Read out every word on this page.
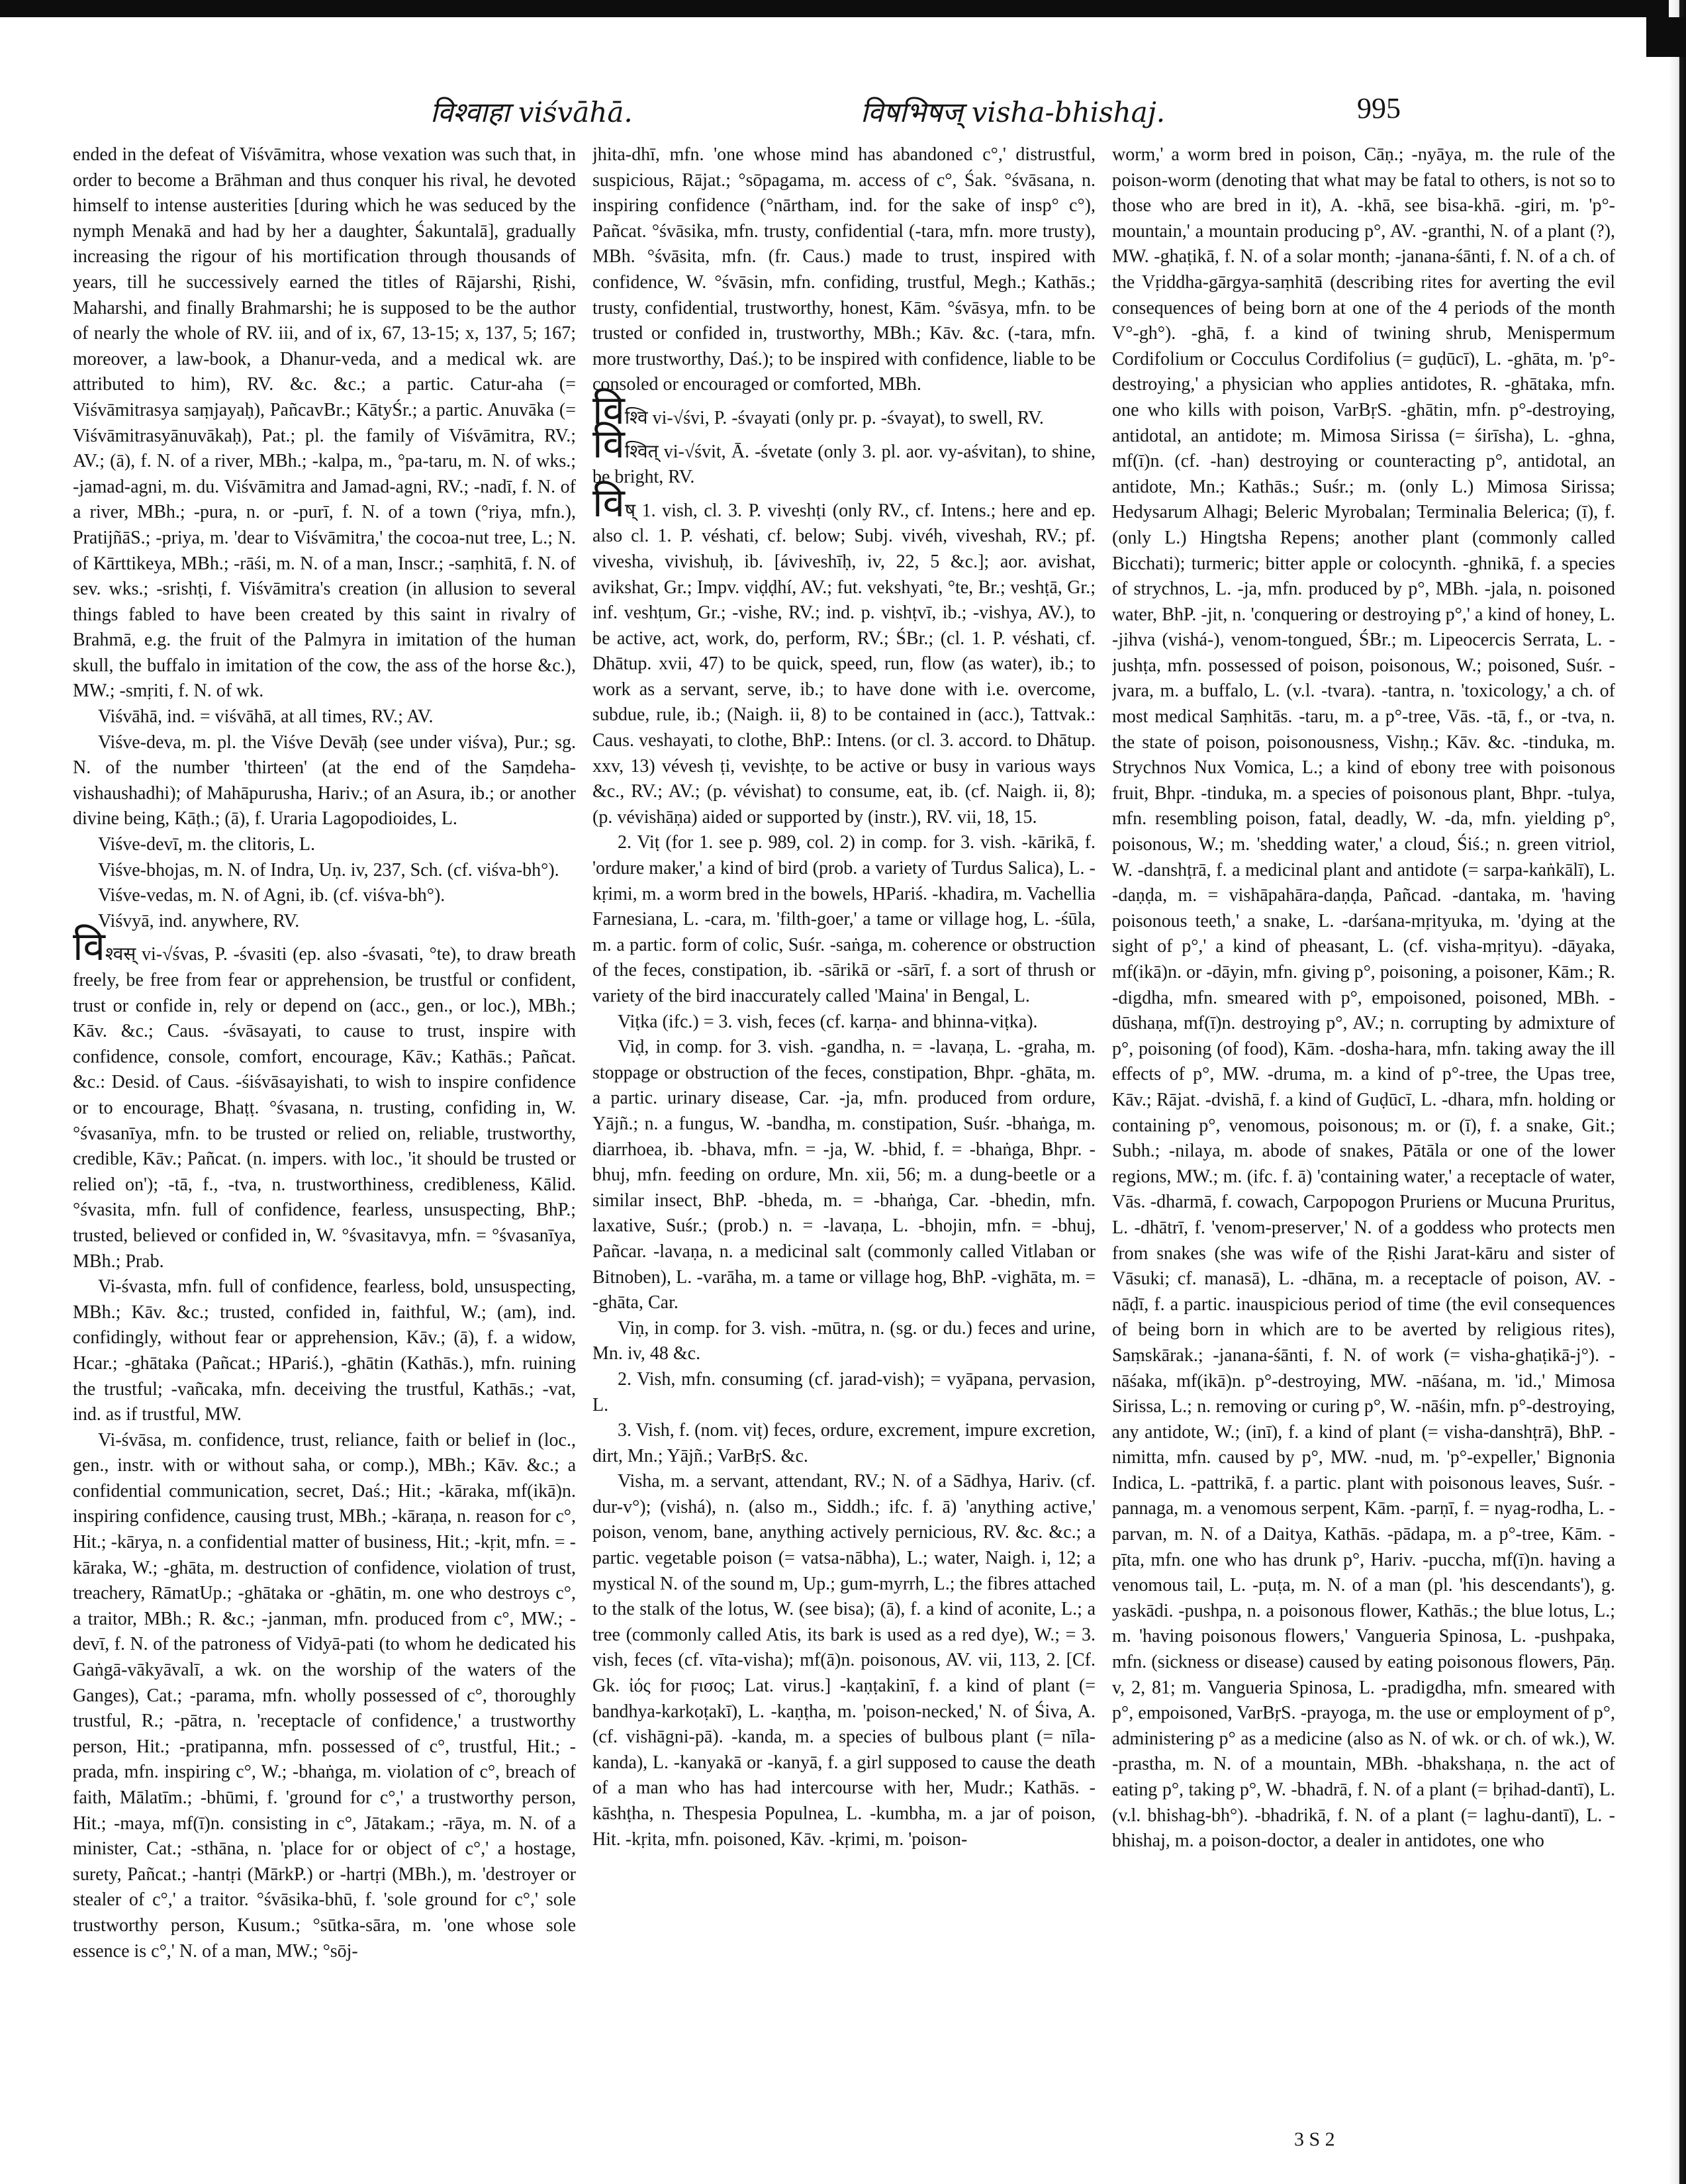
विश्वाहा viśvāhā.	विषभिषज् visha-bhishaj.	995

ended in the defeat of Viśvāmitra, whose vexation was such that, in order to become a Brāhman and thus conquer his rival, he devoted himself to intense austerities [during which he was seduced by the nymph Menakā and had by her a daughter, Śakuntalā], gradually increasing the rigour of his mortification through thousands of years, till he successively earned the titles of Rājarshi, Ṛishi, Maharshi, and finally Brahmarshi; he is supposed to be the author of nearly the whole of RV. iii, and of ix, 67, 13-15; x, 137, 5; 167; moreover, a law-book, a Dhanur-veda, and a medical wk. are attributed to him), RV. &c. &c.; a partic. Catur-aha (= Viśvāmitrasya saṃjayaḥ), PañcavBr.; KātyŚr.; a partic. Anuvāka (= Viśvāmitrasyānuvākaḥ), Pat.; pl. the family of Viśvāmitra, RV.; AV.; (ā), f. N. of a river, MBh.; -kalpa, m., °pa-taru, m. N. of wks.; -jamad-agni, m. du. Viśvāmitra and Jamad-agni, RV.; -nadī, f. N. of a river, MBh.; -pura, n. or -purī, f. N. of a town (°riya, mfn.), PratijñāS.; -priya, m. 'dear to Viśvāmitra,' the cocoa-nut tree, L.; N. of Kārttikeya, MBh.; -rāśi, m. N. of a man, Inscr.; -saṃhitā, f. N. of sev. wks.; -srishṭi, f. Viśvāmitra's creation (in allusion to several things fabled to have been created by this saint in rivalry of Brahmā, e.g. the fruit of the Palmyra in imitation of the human skull, the buffalo in imitation of the cow, the ass of the horse &c.), MW.; -smṛiti, f. N. of wk.

Viśvāhā, ind. = viśvāhā, at all times, RV.; AV.

Viśve-deva, m. pl. the Viśve Devāḥ (see under viśva), Pur.; sg. N. of the number 'thirteen' (at the end of the Saṃdeha-vishaushadhi); of Mahāpurusha, Hariv.; of an Asura, ib.; or another divine being, Kāṭh.; (ā), f. Uraria Lagopodioides, L.

Viśve-devī, m. the clitoris, L.

Viśve-bhojas, m. N. of Indra, Uṇ. iv, 237, Sch. (cf. viśva-bh°).

Viśve-vedas, m. N. of Agni, ib. (cf. viśva-bh°).

Viśvyā, ind. anywhere, RV.

विश्वस् vi-√śvas, P. -śvasiti (ep. also -śvasati, °te), to draw breath freely, be free from fear or apprehension, be trustful or confident, trust or confide in, rely or depend on (acc., gen., or loc.), MBh.; Kāv. &c.; Caus. -śvāsayati, to cause to trust, inspire with confidence, console, comfort, encourage, Kāv.; Kathās.; Pañcat. &c.: Desid. of Caus. -śiśvāsayishati, to wish to inspire confidence or to encourage, Bhaṭṭ. °śvasana, n. trusting, confiding in, W. °śvasanīya, mfn. to be trusted or relied on, reliable, trustworthy, credible, Kāv.; Pañcat. (n. impers. with loc., 'it should be trusted or relied on'); -tā, f., -tva, n. trustworthiness, credibleness, Kālid. °śvasita, mfn. full of confidence, fearless, unsuspecting, BhP.; trusted, believed or confided in, W. °śvasitavya, mfn. = °śvasanīya, MBh.; Prab.

Vi-śvasta, mfn. full of confidence, fearless, bold, unsuspecting, MBh.; Kāv. &c.; trusted, confided in, faithful, W.; (am), ind. confidingly, without fear or apprehension, Kāv.; (ā), f. a widow, Hcar.; -ghātaka (Pañcat.; HPariś.), -ghātin (Kathās.), mfn. ruining the trustful; -vañcaka, mfn. deceiving the trustful, Kathās.; -vat, ind. as if trustful, MW.

Vi-śvāsa, m. confidence, trust, reliance, faith or belief in (loc., gen., instr. with or without saha, or comp.), MBh.; Kāv. &c.; a confidential communication, secret, Daś.; Hit.; -kāraka, mf(ikā)n. inspiring confidence, causing trust, MBh.; -kāraṇa, n. reason for c°, Hit.; -kārya, n. a confidential matter of business, Hit.; -kṛit, mfn. = -kāraka, W.; -ghāta, m. destruction of confidence, violation of trust, treachery, RāmatUp.; -ghātaka or -ghātin, m. one who destroys c°, a traitor, MBh.; R. &c.; -janman, mfn. produced from c°, MW.; -devī, f. N. of the patroness of Vidyā-pati (to whom he dedicated his Gaṅgā-vākyāvalī, a wk. on the worship of the waters of the Ganges), Cat.; -parama, mfn. wholly possessed of c°, thoroughly trustful, R.; -pātra, n. 'receptacle of confidence,' a trustworthy person, Hit.; -pratipanna, mfn. possessed of c°, trustful, Hit.; -prada, mfn. inspiring c°, W.; -bhaṅga, m. violation of c°, breach of faith, Mālatīm.; -bhūmi, f. 'ground for c°,' a trustworthy person, Hit.; -maya, mf(ī)n. consisting in c°, Jātakam.; -rāya, m. N. of a minister, Cat.; -sthāna, n. 'place for or object of c°,' a hostage, surety, Pañcat.; -hantṛi (MārkP.) or -hartṛi (MBh.), m. 'destroyer or stealer of c°,' a traitor. °śvāsika-bhū, f. 'sole ground for c°,' sole trustworthy person, Kusum.; °sūtka-sāra, m. 'one whose sole essence is c°,' N. of a man, MW.; °sōj-

jhita-dhī, mfn. 'one whose mind has abandoned c°,' distrustful, suspicious, Rājat.; °sōpagama, m. access of c°, Śak. °śvāsana, n. inspiring confidence (°nārtham, ind. for the sake of insp° c°), Pañcat. °śvāsika, mfn. trusty, confidential (-tara, mfn. more trusty), MBh. °śvāsita, mfn. (fr. Caus.) made to trust, inspired with confidence, W. °śvāsin, mfn. confiding, trustful, Megh.; Kathās.; trusty, confidential, trustworthy, honest, Kām. °śvāsya, mfn. to be trusted or confided in, trustworthy, MBh.; Kāv. &c. (-tara, mfn. more trustworthy, Daś.); to be inspired with confidence, liable to be consoled or encouraged or comforted, MBh.

विश्वि vi-√śvi, P. -śvayati (only pr. p. -śvayat), to swell, RV.

विश्वित् vi-√śvit, Ā. -śvetate (only 3. pl. aor. vy-aśvitan), to shine, be bright, RV.

विष् 1. vish, cl. 3. P. viveshṭi (only RV., cf. Intens.; here and ep. also cl. 1. P. véshati, cf. below; Subj. vivéh, viveshah, RV.; pf. vivesha, vivishuḥ, ib. [áviveshīḥ, iv, 22, 5 &c.]; aor. avishat, avikshat, Gr.; Impv. viḍḍhí, AV.; fut. vekshyati, °te, Br.; veshṭā, Gr.; inf. veshṭum, Gr.; -vishe, RV.; ind. p. vishṭvī, ib.; -vishya, AV.), to be active, act, work, do, perform, RV.; ŚBr.; (cl. 1. P. véshati, cf. Dhātup. xvii, 47) to be quick, speed, run, flow (as water), ib.; to work as a servant, serve, ib.; to have done with i.e. overcome, subdue, rule, ib.; (Naigh. ii, 8) to be contained in (acc.), Tattvak.: Caus. veshayati, to clothe, BhP.: Intens. (or cl. 3. accord. to Dhātup. xxv, 13) vévesh ṭi, vevishṭe, to be active or busy in various ways &c., RV.; AV.; (p. vévishat) to consume, eat, ib. (cf. Naigh. ii, 8); (p. vévishāṇa) aided or supported by (instr.), RV. vii, 18, 15.

2. Viṭ (for 1. see p. 989, col. 2) in comp. for 3. vish. -kārikā, f. 'ordure maker,' a kind of bird (prob. a variety of Turdus Salica), L. -kṛimi, m. a worm bred in the bowels, HPariś. -khadira, m. Vachellia Farnesiana, L. -cara, m. 'filth-goer,' a tame or village hog, L. -śūla, m. a partic. form of colic, Suśr. -saṅga, m. coherence or obstruction of the feces, constipation, ib. -sārikā or -sārī, f. a sort of thrush or variety of the bird inaccurately called 'Maina' in Bengal, L.

Viṭka (ifc.) = 3. vish, feces (cf. karṇa- and bhinna-viṭka).

Viḍ, in comp. for 3. vish. -gandha, n. = -lavaṇa, L. -graha, m. stoppage or obstruction of the feces, constipation, Bhpr. -ghāta, m. a partic. urinary disease, Car. -ja, mfn. produced from ordure, Yājñ.; n. a fungus, W. -bandha, m. constipation, Suśr. -bhaṅga, m. diarrhoea, ib. -bhava, mfn. = -ja, W. -bhid, f. = -bhaṅga, Bhpr. -bhuj, mfn. feeding on ordure, Mn. xii, 56; m. a dung-beetle or a similar insect, BhP. -bheda, m. = -bhaṅga, Car. -bhedin, mfn. laxative, Suśr.; (prob.) n. = -lavaṇa, L. -bhojin, mfn. = -bhuj, Pañcar. -lavaṇa, n. a medicinal salt (commonly called Vitlaban or Bitnoben), L. -varāha, m. a tame or village hog, BhP. -vighāta, m. = -ghāta, Car.

Viṇ, in comp. for 3. vish. -mūtra, n. (sg. or du.) feces and urine, Mn. iv, 48 &c.

2. Vish, mfn. consuming (cf. jarad-vish); = vyāpana, pervasion, L.

3. Vish, f. (nom. viṭ) feces, ordure, excrement, impure excretion, dirt, Mn.; Yājñ.; VarBṛS. &c.

Visha, m. a servant, attendant, RV.; N. of a Sādhya, Hariv. (cf. dur-v°); (vishá), n. (also m., Siddh.; ifc. f. ā) 'anything active,' poison, venom, bane, anything actively pernicious, RV. &c. &c.; a partic. vegetable poison (= vatsa-nābha), L.; water, Naigh. i, 12; a mystical N. of the sound m, Up.; gum-myrrh, L.; the fibres attached to the stalk of the lotus, W. (see bisa); (ā), f. a kind of aconite, L.; a tree (commonly called Atis, its bark is used as a red dye), W.; = 3. vish, feces (cf. vīta-visha); mf(ā)n. poisonous, AV. vii, 113, 2. [Cf. Gk. ἰός for ϝισος; Lat. virus.] -kaṇṭakinī, f. a kind of plant (= bandhya-karkoṭakī), L. -kaṇṭha, m. 'poison-necked,' N. of Śiva, A. (cf. vishāgni-pā). -kanda, m. a species of bulbous plant (= nīla-kanda), L. -kanyakā or -kanyā, f. a girl supposed to cause the death of a man who has had intercourse with her, Mudr.; Kathās. -kāshṭha, n. Thespesia Populnea, L. -kumbha, m. a jar of poison, Hit. -kṛita, mfn. poisoned, Kāv. -kṛimi, m. 'poison-

worm,' a worm bred in poison, Cāṇ.; -nyāya, m. the rule of the poison-worm (denoting that what may be fatal to others, is not so to those who are bred in it), A. -khā, see bisa-khā. -giri, m. 'p°-mountain,' a mountain producing p°, AV. -granthi, N. of a plant (?), MW. -ghaṭikā, f. N. of a solar month; -janana-śānti, f. N. of a ch. of the Vṛiddha-gārgya-saṃhitā (describing rites for averting the evil consequences of being born at one of the 4 periods of the month V°-gh°). -ghā, f. a kind of twining shrub, Menispermum Cordifolium or Cocculus Cordifolius (= guḍūcī), L. -ghāta, m. 'p°-destroying,' a physician who applies antidotes, R. -ghātaka, mfn. one who kills with poison, VarBṛS. -ghātin, mfn. p°-destroying, antidotal, an antidote; m. Mimosa Sirissa (= śirīsha), L. -ghna, mf(ī)n. (cf. -han) destroying or counteracting p°, antidotal, an antidote, Mn.; Kathās.; Suśr.; m. (only L.) Mimosa Sirissa; Hedysarum Alhagi; Beleric Myrobalan; Terminalia Belerica; (ī), f. (only L.) Hingtsha Repens; another plant (commonly called Bicchati); turmeric; bitter apple or colocynth. -ghnikā, f. a species of strychnos, L. -ja, mfn. produced by p°, MBh. -jala, n. poisoned water, BhP. -jit, n. 'conquering or destroying p°,' a kind of honey, L. -jihva (vishá-), venom-tongued, ŚBr.; m. Lipeocercis Serrata, L. -jushṭa, mfn. possessed of poison, poisonous, W.; poisoned, Suśr. -jvara, m. a buffalo, L. (v.l. -tvara). -tantra, n. 'toxicology,' a ch. of most medical Saṃhitās. -taru, m. a p°-tree, Vās. -tā, f., or -tva, n. the state of poison, poisonousness, Vishṇ.; Kāv. &c. -tinduka, m. Strychnos Nux Vomica, L.; a kind of ebony tree with poisonous fruit, Bhpr. -tinduka, m. a species of poisonous plant, Bhpr. -tulya, mfn. resembling poison, fatal, deadly, W. -da, mfn. yielding p°, poisonous, W.; m. 'shedding water,' a cloud, Śiś.; n. green vitriol, W. -danshṭrā, f. a medicinal plant and antidote (= sarpa-kaṅkālī), L. -daṇḍa, m. = vishāpahāra-daṇḍa, Pañcad. -dantaka, m. 'having poisonous teeth,' a snake, L. -darśana-mṛityuka, m. 'dying at the sight of p°,' a kind of pheasant, L. (cf. visha-mṛityu). -dāyaka, mf(ikā)n. or -dāyin, mfn. giving p°, poisoning, a poisoner, Kām.; R. -digdha, mfn. smeared with p°, empoisoned, poisoned, MBh. -dūshaṇa, mf(ī)n. destroying p°, AV.; n. corrupting by admixture of p°, poisoning (of food), Kām. -dosha-hara, mfn. taking away the ill effects of p°, MW. -druma, m. a kind of p°-tree, the Upas tree, Kāv.; Rājat. -dvishā, f. a kind of Guḍūcī, L. -dhara, mfn. holding or containing p°, venomous, poisonous; m. or (ī), f. a snake, Git.; Subh.; -nilaya, m. abode of snakes, Pātāla or one of the lower regions, MW.; m. (ifc. f. ā) 'containing water,' a receptacle of water, Vās. -dharmā, f. cowach, Carpopogon Pruriens or Mucuna Pruritus, L. -dhātrī, f. 'venom-preserver,' N. of a goddess who protects men from snakes (she was wife of the Ṛishi Jarat-kāru and sister of Vāsuki; cf. manasā), L. -dhāna, m. a receptacle of poison, AV. -nāḍī, f. a partic. inauspicious period of time (the evil consequences of being born in which are to be averted by religious rites), Saṃskārak.; -janana-śānti, f. N. of work (= visha-ghaṭikā-j°). -nāśaka, mf(ikā)n. p°-destroying, MW. -nāśana, m. 'id.,' Mimosa Sirissa, L.; n. removing or curing p°, W. -nāśin, mfn. p°-destroying, any antidote, W.; (inī), f. a kind of plant (= visha-danshṭrā), BhP. -nimitta, mfn. caused by p°, MW. -nud, m. 'p°-expeller,' Bignonia Indica, L. -pattrikā, f. a partic. plant with poisonous leaves, Suśr. -pannaga, m. a venomous serpent, Kām. -parṇī, f. = nyag-rodha, L. -parvan, m. N. of a Daitya, Kathās. -pādapa, m. a p°-tree, Kām. -pīta, mfn. one who has drunk p°, Hariv. -puccha, mf(ī)n. having a venomous tail, L. -puṭa, m. N. of a man (pl. 'his descendants'), g. yaskādi. -pushpa, n. a poisonous flower, Kathās.; the blue lotus, L.; m. 'having poisonous flowers,' Vangueria Spinosa, L. -pushpaka, mfn. (sickness or disease) caused by eating poisonous flowers, Pāṇ. v, 2, 81; m. Vangueria Spinosa, L. -pradigdha, mfn. smeared with p°, empoisoned, VarBṛS. -prayoga, m. the use or employment of p°, administering p° as a medicine (also as N. of wk. or ch. of wk.), W. -prastha, m. N. of a mountain, MBh. -bhakshaṇa, n. the act of eating p°, taking p°, W. -bhadrā, f. N. of a plant (= bṛihad-dantī), L. (v.l. bhishag-bh°). -bhadrikā, f. N. of a plant (= laghu-dantī), L. -bhishaj, m. a poison-doctor, a dealer in antidotes, one who

3 S 2
